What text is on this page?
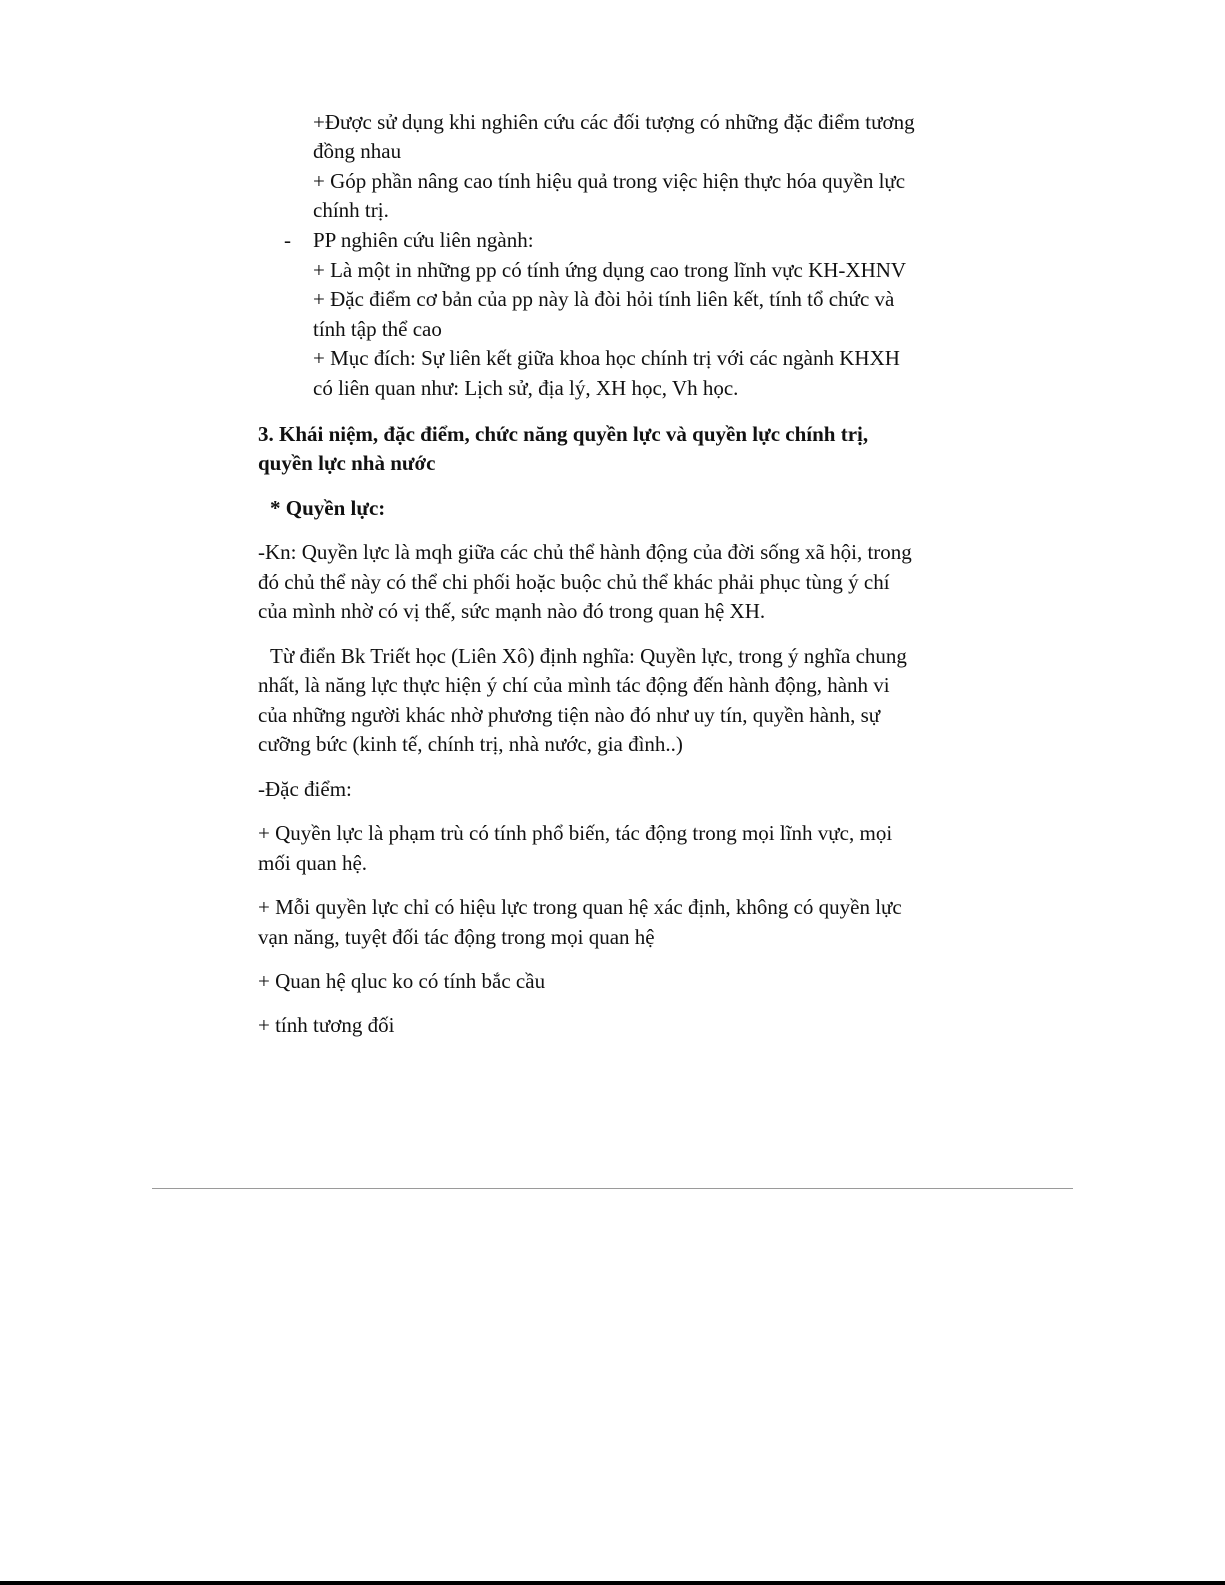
+Được sử dụng khi nghiên cứu các đối tượng có những đặc điểm tương
đồng nhau
+ Góp phần nâng cao tính hiệu quả trong việc hiện thực hóa quyền lực
chính trị.
- PP nghiên cứu liên ngành:
+ Là một in những pp có tính ứng dụng cao trong lĩnh vực KH-XHNV
+ Đặc điểm cơ bản của pp này là đòi hỏi tính liên kết, tính tổ chức và
tính tập thể cao
+ Mục đích: Sự liên kết giữa khoa học chính trị với các ngành KHXH
có liên quan như: Lịch sử, địa lý, XH học, Vh học.
3. Khái niệm, đặc điểm, chức năng quyền lực và quyền lực chính trị,
quyền lực nhà nước
* Quyền lực:
-Kn: Quyền lực là mqh giữa các chủ thể hành động của đời sống xã hội, trong
đó chủ thể này có thể chi phối hoặc buộc chủ thể khác phải phục tùng ý chí
của mình nhờ có vị thế, sức mạnh nào đó trong quan hệ XH.
Từ điển Bk Triết học (Liên Xô) định nghĩa: Quyền lực, trong ý nghĩa chung
nhất, là năng lực thực hiện ý chí của mình tác động đến hành động, hành vi
của những người khác nhờ phương tiện nào đó như uy tín, quyền hành, sự
cưỡng bức (kinh tế, chính trị, nhà nước, gia đình..)
-Đặc điểm:
+ Quyền lực là phạm trù có tính phổ biến, tác động trong mọi lĩnh vực, mọi
mối quan hệ.
+ Mỗi quyền lực chỉ có hiệu lực trong quan hệ xác định, không có quyền lực
vạn năng, tuyệt đối tác động trong mọi quan hệ
+ Quan hệ qluc ko có tính bắc cầu
+ tính tương đối
